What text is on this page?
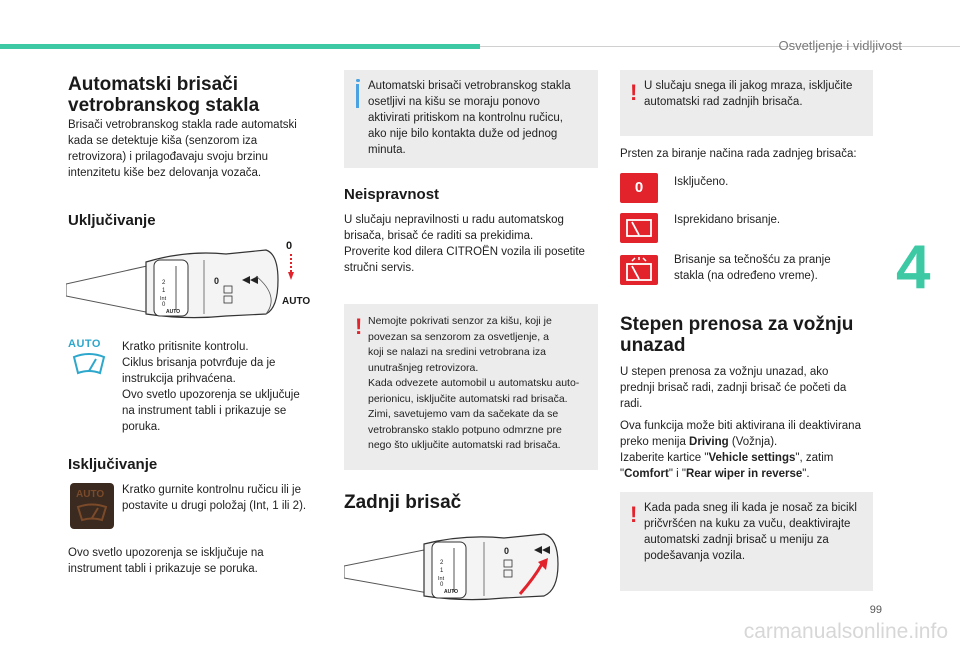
Osvetljenje i vidljivost
4
99
carmanualsonline.info
Automatski brisači
vetrobranskog stakla
Brisači vetrobranskog stakla rade automatski
kada se detektuje kiša (senzorom iza
retrovizora) i prilagođavaju svoju brzinu
intenzitetu kiše bez delovanja vozača.
Uključivanje
2
1
Int
0
AUTO
0
0
AUTO
AUTO	Kratko pritisnite kontrolu.
Ciklus brisanja potvrđuje da je
instrukcija prihvaćena.
Ovo svetlo upozorenja se uključuje
na instrument tabli i prikazuje se
poruka.
Isključivanje
AUTO Kratko gurnite kontrolnu ručicu ili je
postavite u drugi položaj (Int, 1 ili 2).
Ovo svetlo upozorenja se isključuje na
instrument tabli i prikazuje se poruka.
Automatski brisači vetrobranskog stakla
osetljivi na kišu se moraju ponovo
aktivirati pritiskom na kontrolnu ručicu,
ako nije bilo kontakta duže od jednog
minuta.
Neispravnost
U slučaju nepravilnosti u radu automatskog
brisača, brisač će raditi sa prekidima.
Proverite kod dilera CITROËN vozila ili posetite
stručni servis.
! Nemojte pokrivati senzor za kišu, koji je
povezan sa senzorom za osvetljenje, a
koji se nalazi na sredini vetrobrana iza
unutrašnjeg retrovizora.
Kada odvezete automobil u automatsku auto-
perionicu, isključite automatski rad brisača.
Zimi, savetujemo vam da sačekate da se
vetrobransko staklo potpuno odmrzne pre
nego što uključite automatski rad brisača.
Zadnji brisač
2
1
Int
0
AUTO
0
! U slučaju snega ili jakog mraza, isključite
automatski rad zadnjih brisača.
Prsten za biranje načina rada zadnjeg brisača:
0	Isključeno.
Isprekidano brisanje.
Brisanje sa tečnošću za pranje
stakla (na određeno vreme).
Stepen prenosa za vožnju
unazad
U stepen prenosa za vožnju unazad, ako
prednji brisač radi, zadnji brisač će početi da
radi.
Ova funkcija može biti aktivirana ili deaktivirana
preko menija Driving (Vožnja).
Izaberite kartice "Vehicle settings", zatim
"Comfort" i "Rear wiper in reverse".
! Kada pada sneg ili kada je nosač za bicikl
pričvršćen na kuku za vuču, deaktivirajte
automatski zadnji brisač u meniju za
podešavanja vozila.
